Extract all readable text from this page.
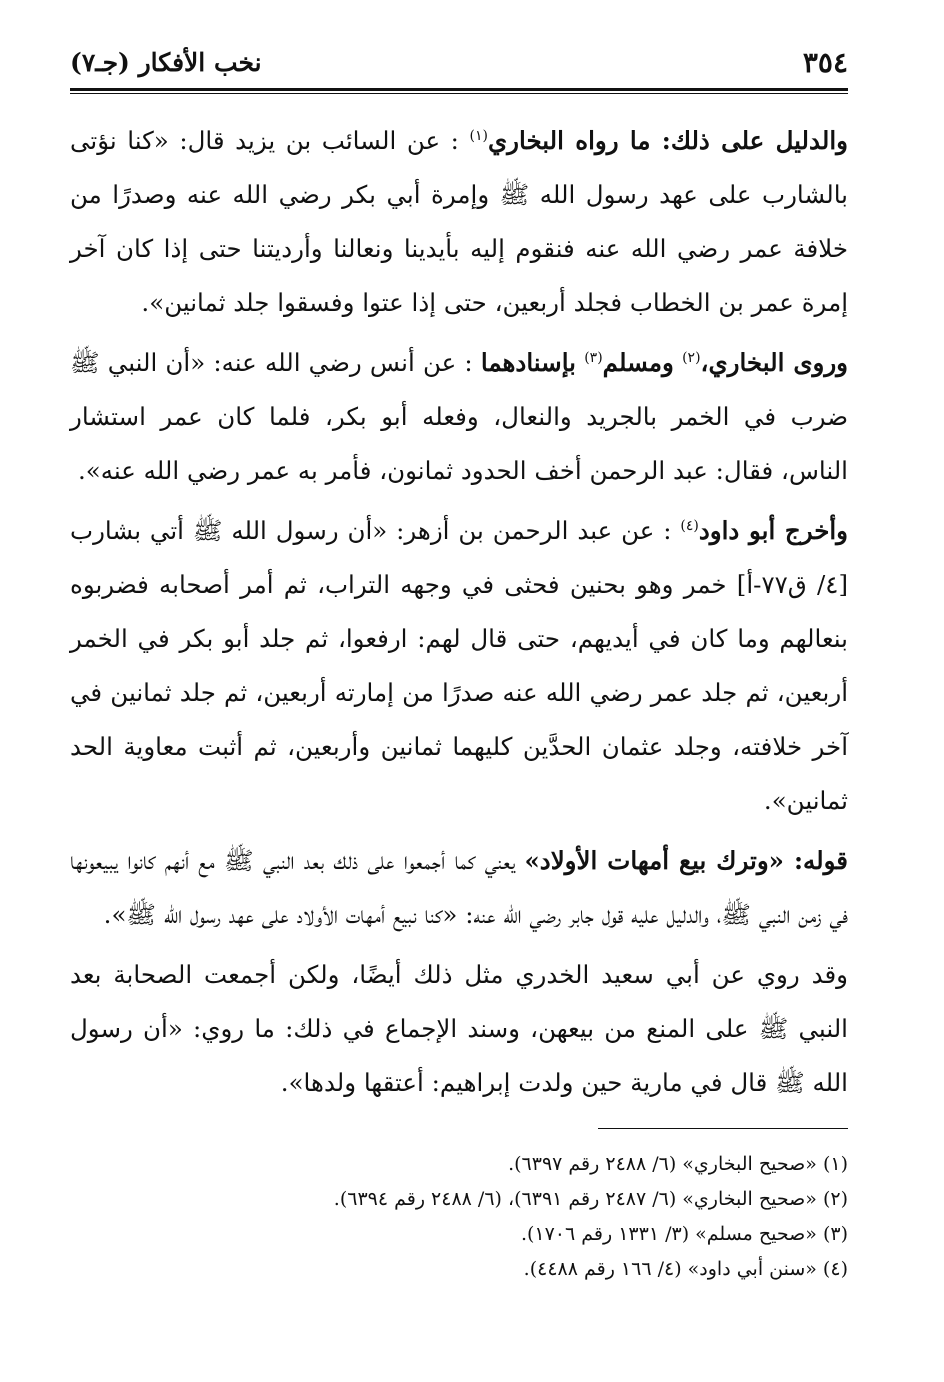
٣٥٤
نخب الأفكار (جـ٧)

والدليل على ذلك: ما رواه البخاري$^{(١)}$ : عن السائب بن يزيد قال: «كنا نؤتى بالشارب على عهد رسول الله ﷺ وإمرة أبي بكر رضي الله عنه وصدرًا من خلافة عمر رضي الله عنه فنقوم إليه بأيدينا ونعالنا وأرديتنا حتى إذا كان آخر إمرة عمر بن الخطاب فجلد أربعين، حتى إذا عتوا وفسقوا جلد ثمانين».

وروى البخاري،$^{(٢)}$ ومسلم$^{(٣)}$ بإسنادهما : عن أنس رضي الله عنه: «أن النبي ﷺ ضرب في الخمر بالجريد والنعال، وفعله أبو بكر، فلما كان عمر استشار الناس، فقال: عبد الرحمن أخف الحدود ثمانون، فأمر به عمر رضي الله عنه».

وأخرج أبو داود$^{(٤)}$ : عن عبد الرحمن بن أزهر: «أن رسول الله ﷺ أتي بشارب [٤/ ق٧٧-أ] خمر وهو بحنين فحثى في وجهه التراب، ثم أمر أصحابه فضربوه بنعالهم وما كان في أيديهم، حتى قال لهم: ارفعوا، ثم جلد أبو بكر في الخمر أربعين، ثم جلد عمر رضي الله عنه صدرًا من إمارته أربعين، ثم جلد ثمانين في آخر خلافته، وجلد عثمان الحدَّين كليهما ثمانين وأربعين، ثم أثبت معاوية الحد ثمانين».

قوله: «وترك بيع أمهات الأولاد» يعني كما أجمعوا على ذلك بعد النبي ﷺ مع أنهم كانوا يبيعونها في زمن النبي ﷺ، والدليل عليه قول جابر رضي الله عنه: «كنا نبيع أمهات الأولاد على عهد رسول الله ﷺ».

وقد روي عن أبي سعيد الخدري مثل ذلك أيضًا، ولكن أجمعت الصحابة بعد النبي ﷺ على المنع من بيعهن، وسند الإجماع في ذلك: ما روي: «أن رسول الله ﷺ قال في مارية حين ولدت إبراهيم: أعتقها ولدها».

(١) «صحيح البخاري» (٦/ ٢٤٨٨ رقم ٦٣٩٧).
(٢) «صحيح البخاري» (٦/ ٢٤٨٧ رقم ٦٣٩١)، (٦/ ٢٤٨٨ رقم ٦٣٩٤).
(٣) «صحيح مسلم» (٣/ ١٣٣١ رقم ١٧٠٦).
(٤) «سنن أبي داود» (٤/ ١٦٦ رقم ٤٤٨٨).
